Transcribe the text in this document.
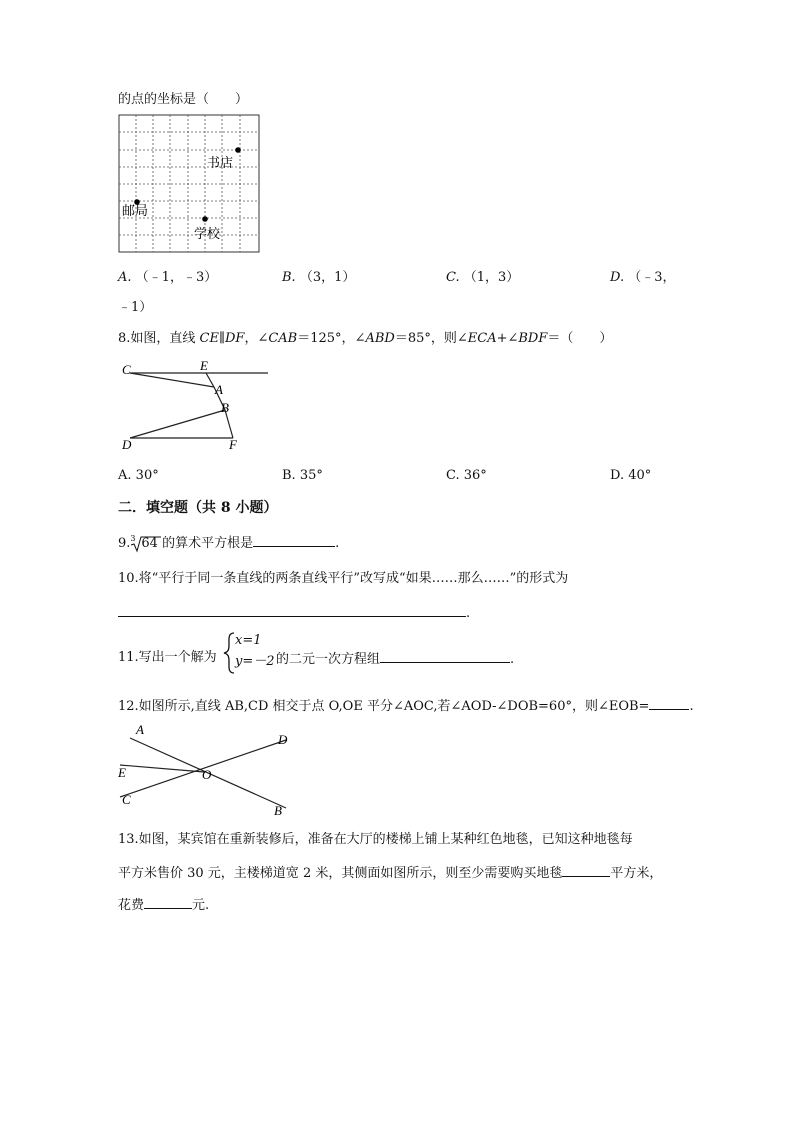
的点的坐标是（　　）
书店
邮局
学校
A. （﹣1，﹣3）	B. （3，1）	C. （1，3）	D. （﹣3，
﹣1）
8.如图，直线 CE∥DF，∠CAB＝125°，∠ABD＝85°，则∠ECA+∠BDF＝（　　）
C	E
A
B
D	F
A. 30°	B. 35°	C. 36°	D. 40°
二．填空题（共 8 小题）
9. 3 64 的算术平方根是	.
10.将“平行于同一条直线的两条直线平行”改写成“如果……那么……”的形式为
.
11.写出一个解为
x=1
y=－2 的二元一次方程组	.
12.如图所示,直线 AB,CD 相交于点 O,OE 平分∠AOC,若∠AOD-∠DOB=60°，则∠EOB=	.
A
D
E	O
C
B
13.如图，某宾馆在重新装修后，准备在大厅的楼梯上铺上某种红色地毯，已知这种地毯每
平方米售价 30 元，主楼梯道宽 2 米，其侧面如图所示，则至少需要购买地毯	平方米，
花费	元.
